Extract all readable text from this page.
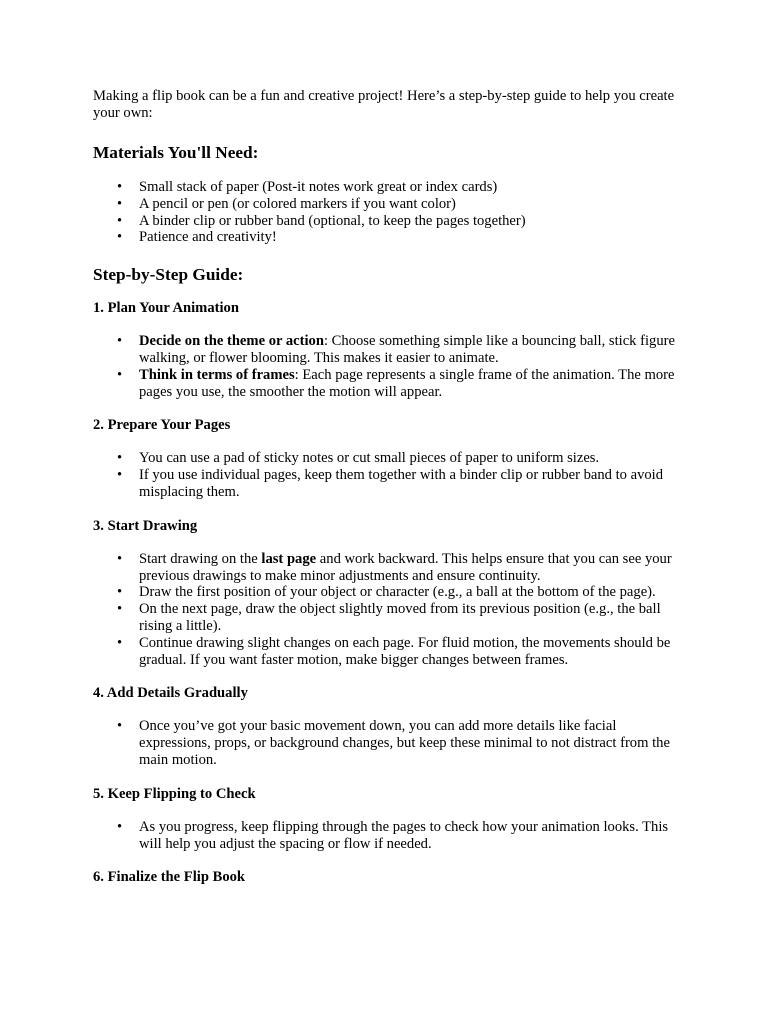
Making a flip book can be a fun and creative project! Here’s a step-by-step guide to help you create your own:

Materials You'll Need:
• Small stack of paper (Post-it notes work great or index cards)
• A pencil or pen (or colored markers if you want color)
• A binder clip or rubber band (optional, to keep the pages together)
• Patience and creativity!
Step-by-Step Guide:
1. Plan Your Animation
• Decide on the theme or action: Choose something simple like a bouncing ball, stick figure walking, or flower blooming. This makes it easier to animate.
• Think in terms of frames: Each page represents a single frame of the animation. The more pages you use, the smoother the motion will appear.
2. Prepare Your Pages
• You can use a pad of sticky notes or cut small pieces of paper to uniform sizes.
• If you use individual pages, keep them together with a binder clip or rubber band to avoid misplacing them.
3. Start Drawing
• Start drawing on the last page and work backward. This helps ensure that you can see your previous drawings to make minor adjustments and ensure continuity.
• Draw the first position of your object or character (e.g., a ball at the bottom of the page).
• On the next page, draw the object slightly moved from its previous position (e.g., the ball rising a little).
• Continue drawing slight changes on each page. For fluid motion, the movements should be gradual. If you want faster motion, make bigger changes between frames.
4. Add Details Gradually
• Once you’ve got your basic movement down, you can add more details like facial expressions, props, or background changes, but keep these minimal to not distract from the main motion.
5. Keep Flipping to Check
• As you progress, keep flipping through the pages to check how your animation looks. This will help you adjust the spacing or flow if needed.
6. Finalize the Flip Book
